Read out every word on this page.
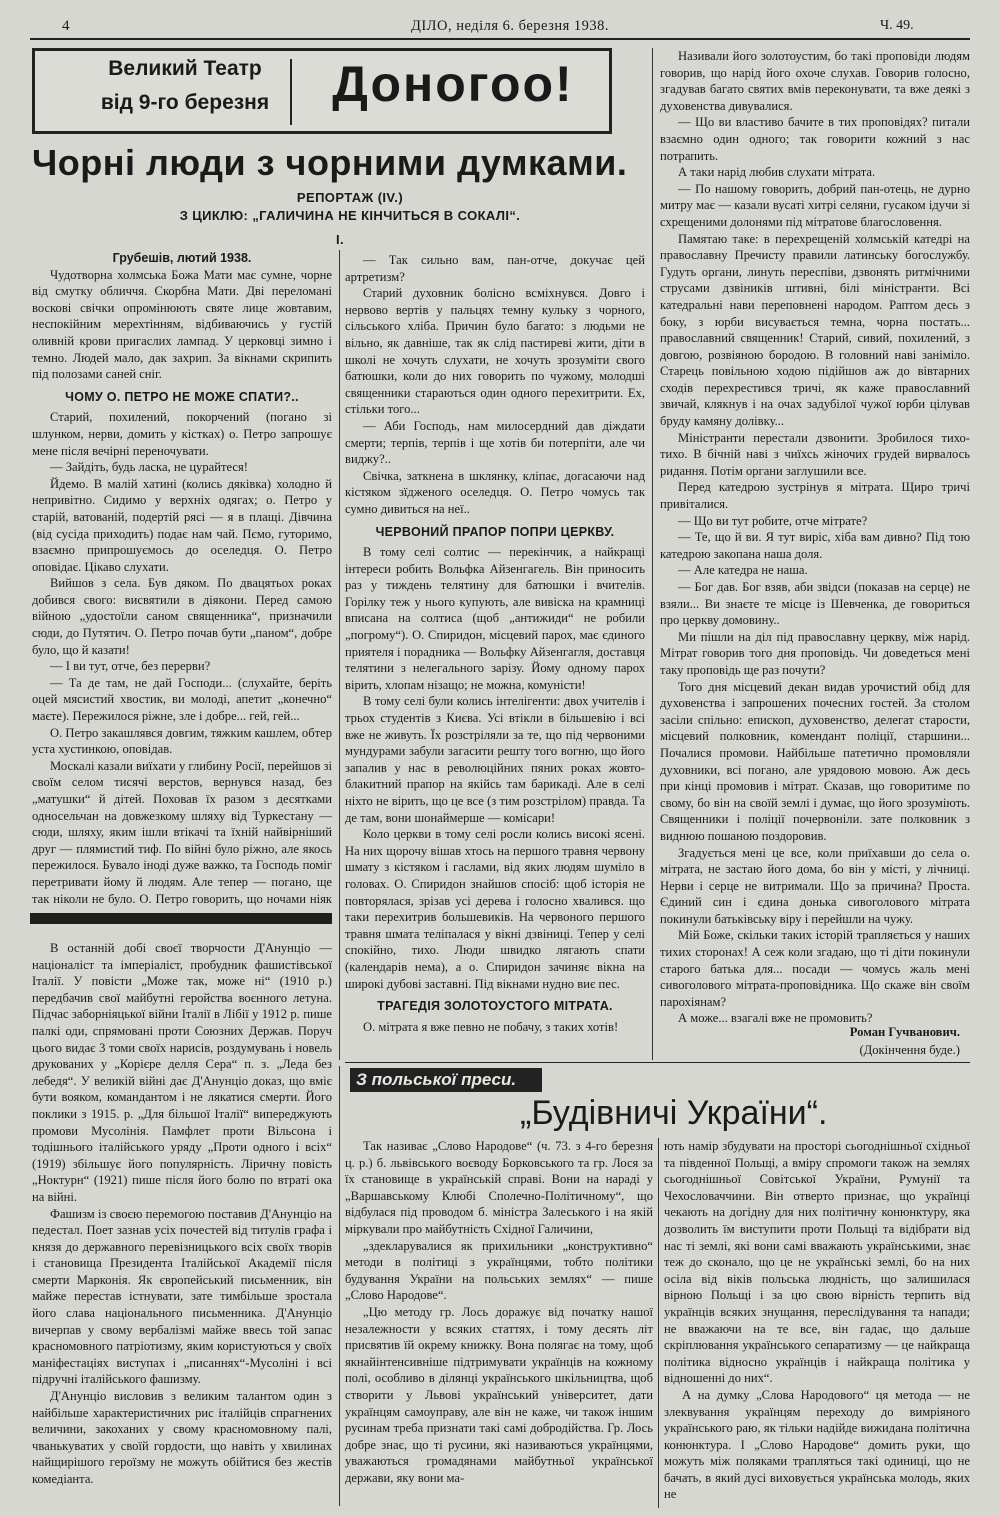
4	ДІЛО, неділя 6. березня 1938.	Ч. 49.
Великий Театр
від 9-го березня	Доногоо!
Чорні люди з чорними думками.
РЕПОРТАЖ (IV.)
З ЦИКЛЮ: „ГАЛИЧИНА НЕ КІНЧИТЬСЯ В СОКАЛІ“.
I.
Грубешів, лютий 1938.

Чудотворна холмська Божа Мати має сумне, чорне від смутку обличчя. Скорбна Мати. Дві переломані воскові свічки опромінюють святе лице жовтавим, неспокійним мерехтінням, відбиваючись у густій оливній крови пригаслих лампад. У церковці зимно і темно. Людей мало, дак захрип. За вікнами скрипить під полозами саней сніг.

ЧОМУ О. ПЕТРО НЕ МОЖЕ СПАТИ?..

Старий, похилений, покорчений (погано зі шлунком, нерви, домить у кістках) о. Петро запрошує мене після вечірні переночувати.

— Зайдіть, будь ласка, не цурайтеся!

Йдемо. В малій хатині (колись дяківка) холодно й непривітно. Сидимо у верхніх одягах; о. Петро у старій, ватованій, подертій рясі — я в плащі. Дівчина (від сусіда приходить) подає нам чай. Пємо, гуторимо, взаємно припрошуємось до оселедця. О. Петро оповідає. Цікаво слухати.

Вийшов з села. Був дяком. По двацятьох роках добився свого: висвятили в діякони. Перед самою війною „удостоїли саном священника“, призначили сюди, до Путятич. О. Петро почав бути „паном“, добре було, що й казати!

— І ви тут, отче, без перерви?

— Та де там, не дай Господи... (слухайте, беріть оцей мясистий хвостик, ви молоді, апетит „конечно“ маєте). Пережилося ріжне, зле і добре... гей, гей...

О. Петро закашлявся довгим, тяжким кашлем, обтер уста хустинкою, оповідав.

Москалі казали виїхати у глибину Росії, перейшов зі своїм селом тисячі верстов, вернувся назад, без „матушки“ й дітей. Поховав їх разом з десятками односельчан на довжезкому шляху від Туркестану — сюди, шляху, яким ішли втікачі та їхній найвірніший друг — плямистий тиф. По війні було ріжно, але якось пережилося. Бувало іноді дуже важко, та Господь поміг перетривати йому й людям. Але тепер — погано, ще так ніколи не було. О. Петро говорить, що ночами ніяк

— Так сильно вам, пан-отче, докучає цей артретизм?

Старий духовник болісно всміхнувся. Довго і нервово вертів у пальцях темну кульку з чорного, сільського хліба. Причин було багато: з людьми не вільно, як давніше, так як слід пастиреві жити, діти в школі не хочуть слухати, не хочуть зрозуміти свого батюшки, коли до них говорить по чужому, молодші священники стараються один одного перехитрити. Ех, стільки того...

— Аби Господь, нам милосердний дав діждати смерти; терпів, терпів і ще хотів би потерпіти, але чи виджу?..

Свічка, заткнена в шклянку, кліпає, догасаючи над кістяком зїдженого оселедця. О. Петро чомусь так сумно дивиться на неї..

ЧЕРВОНИЙ ПРАПОР ПОПРИ ЦЕРКВУ.

В тому селі солтис — перекінчик, а найкращі інтереси робить Вольфка Айзенгагель. Він приносить раз у тиждень телятину для батюшки і вчителів. Горілку теж у нього купують, але вивіска на крамниці вписана на солтиса (щоб „антижиди“ не робили „погрому“). О. Спиридон, місцевий парох, має єдиного приятеля і порадника — Вольфку Айзенгагля, доставця телятини з нелегального зарізу. Йому одному парох вірить, хлопам нізащо; не можна, комуністи!

В тому селі були колись інтелігенти: двох учителів і трьох студентів з Києва. Усі втікли в більшевію і всі вже не живуть. Їх розстріляли за те, що під червоними мундурами забули загасити решту того вогню, що його запалив у нас в революційних пяних роках жовто-блакитний прапор на якійсь там барикаді. Але в селі ніхто не вірить, що це все (з тим розстрілом) правда. Та де там, вони шонаймерше — комісари!

Коло церкви в тому селі росли колись високі ясені. На них щорочу вішав хтось на першого травня червону шмату з кістяком і гаслами, від яких людям шуміло в головах. О. Спиридон знайшов спосіб: щоб історія не повторялася, зрізав усі дерева і голосно хвалився. що таки перехитрив большевиків. На червоного першого травня шмата теліпалася у вікні дзвіниці. Тепер у селі спокійно, тихо. Люди швидко лягають спати (календарів нема), а о. Спиридон зачиняє вікна на широкі дубові заставні. Під вікнами нудно виє пес.

ТРАГЕДІЯ ЗОЛОТОУСТОГО МІТРАТА.

О. мітрата я вже певно не побачу, з таких хотів!

Називали його золотоустим, бо такі проповіди людям говорив, що нарід його охоче слухав. Говорив голосно, згадував багато святих вмів переконувати, та вже деякі з духовенства дивувалися.

— Що ви властиво бачите в тих проповідях? питали взаємно один одного; так говорити кожний з нас потрапить.

А таки нарід любив слухати мітрата.

— По нашому говорить, добрий пан-отець, не дурно митру має — казали вусаті хитрі селяни, гусаком ідучи зі схрещеними долонями під мітратове благословення.

Памятаю таке: в перехрещеній холмській катедрі на православну Пречисту правили латинську богослужбу. Гудуть органи, линуть переспіви, дзвонять ритмічними струсами дзвіників штивні, білі міністранти. Всі катедральні нави переповнені народом. Раптом десь з боку, з юрби висувається темна, чорна постать... православний священник! Старий, сивий, похилений, з довгою, розвіяною бородою. В головний наві заніміло. Старець повільною ходою підійшов аж до вівтарних сходів перехрестився тричі, як каже православний звичай, клякнув і на очах задубілої чужої юрби цілував бруду камяну долівку...

Міністранти перестали дзвонити. Зробилося тихо-тихо. В бічній наві з чиїхсь жіночих грудей вирвалось ридання. Потім органи заглушили все.

Перед катедрою зустрінув я мітрата. Щиро тричі привіталися.

— Що ви тут робите, отче мітрате?

— Те, що й ви. Я тут виріс, хіба вам дивно? Під тою катедрою закопана наша доля.

— Але катедра не наша.

— Бог дав. Бог взяв, аби звідси (показав на серце) не взяли... Ви знаєте те місце із Шевченка, де говориться про церкву домовину..

Ми пішли на діл під православну церкву, між нарід. Мітрат говорив того дня проповідь. Чи доведеться мені таку проповідь ще раз почути?

Того дня місцевий декан видав урочистий обід для духовенства і запрошених почесних гостей. За столом засіли спільно: епископ, духовенство, делегат старости, місцевий полковник, комендант поліції, старшини... Почалися промови. Найбільше патетично промовляли духовники, всі погано, але урядовою мовою. Аж десь при кінці промовив і мітрат. Сказав, що говоритиме по свому, бо він на своїй землі і думає, що його зрозуміють. Священники і поліції почервоніли. зате полковник з виднюю пошаною поздоровив.

Згадується мені це все, коли приїхавши до села о. мітрата, не застаю його дома, бо він у місті, у лічниці. Нерви і серце не витримали. Що за причина? Проста. Єдиний син і єдина донька сивоголового мітрата покинули батьківську віру і перейшли на чужу.

Мій Боже, скільки таких історій трапляється у наших тихих сторонах! А сеж коли згадаю, що ті діти покинули старого батька для... посади — чомусь жаль мені сивоголового мітрата-проповідника. Що скаже він своїм парохіянам?

А може... взагалі вже не промовить?

Роман Гучванович.
(Докінчення буде.)

В останній добі своєї творчости Д'Анунціо — націоналіст та імперіаліст, пробудник фашистівської Італії. У повісти „Може так, може ні“ (1910 р.) передбачив свої майбутні геройства воєнного летуна. Підчас заборніяцької війни Італії в Лібії у 1912 р. пише палкі оди, спрямовані проти Союзних Держав. Поруч цього видає 3 томи своїх нарисів, роздумувань і новель друкованих у „Корієре делля Сера“ п. з. „Леда без лебедя“. У великій війні дає Д'Анунціо доказ, що вміє бути вояком, командантом і не лякатися смерти. Його поклики з 1915. р. „Для більшої Італії“ випереджують промови Мусолінія. Памфлет проти Вільсона і тодішнього італійського уряду „Проти одного і всіх“ (1919) збільшує його популярність. Ліричну повість „Ноктурн“ (1921) пише після його болю по втраті ока на війні.

Фашизм із своєю перемогою поставив Д'Анунціо на педестал. Поет зазнав усіх почестей від титулів графа і князя до державного перевізницького всіх своїх творів і становища Президента Італійської Академії після смерти Марконія. Як європейський письменник, він майже перестав істнувати, зате тимбільше зростала його слава національного письменника. Д'Анунціо вичерпав у свому вербалізмі майже ввесь той запас красномовного патріотизму, яким користуються у своїх маніфестаціях виступах і „писаннях“-Мусоліні і всі підручні італійського фашизму.

Д'Анунціо висловив з великим талантом один з найбільше характеристичних рис італійців спрагнених величини, закоханих у свому красномовному палі, чванькуватих у своїй гордости, що навіть у хвилинах найщирішого героїзму не можуть обійтися без жестів комедіанта.

З польської преси.
„Будівничі України“.

Так називає „Слово Народове“ (ч. 73. з 4-го березня ц. р.) б. львівського воєводу Борковського та гр. Лося за їх становище в українській справі. Вони на нараді у „Варшавському Клюбі Сполечно-Політичному“, що відбулася під проводом б. міністра Залеського і на якій міркували про майбутність Східної Галичини,

„здекларувалися як прихильники „конструктивно“ методи в політиці з українцями, тобто політики будування України на польських землях“ — пише „Слово Народове“.

„Цю методу гр. Лось доражує від початку нашої незалежности у всяких статтях, і тому десять літ присвятив їй окрему книжку. Вона полягає на тому, щоб якнайінтенсивніше підтримувати українців на кожному полі, особливо в ділянці українського шкільництва, щоб створити у Львові український університет, дати українцям самоуправу, але він не каже, чи також іншим русинам треба признати такі самі добродійства. Гр. Лось добре знає, що ті русини, які називаються українцями, уважаються громадянами майбутньої української держави, яку вони ма-

ють намір збудувати на просторі сьогоднішньої східньої та південної Польщі, а вміру спромоги також на землях сьогоднішньої Совітської України, Румунії та Чехословаччини. Він отверто признає, що українці чекають на догідну для них політичну конюнктуру, яка дозволить їм виступити проти Польщі та відібрати від нас ті землі, які вони самі вважають українськими, знає теж до сконало, що це не українські землі, бо на них осіла від віків польська людність, що залишилася вірною Польщі і за цю свою вірність терпить від українців всяких знущання, переслідування та напади; не вважаючи на те все, він гадає, що дальше скріплювання українського сепаратизму — це найкраща політика відносно українців і найкраща політика у відношенні до них“.

А на думку „Слова Народового“ ця метода — не злеквування українцям переходу до вимріяного українського раю, як тільки надійде вижидана політична конюнктура. І „Слово Народове“ домить руки, що можуть між поляками трапляться такі одиниці, що не бачать, в який дусі виховується українська молодь, яких не
